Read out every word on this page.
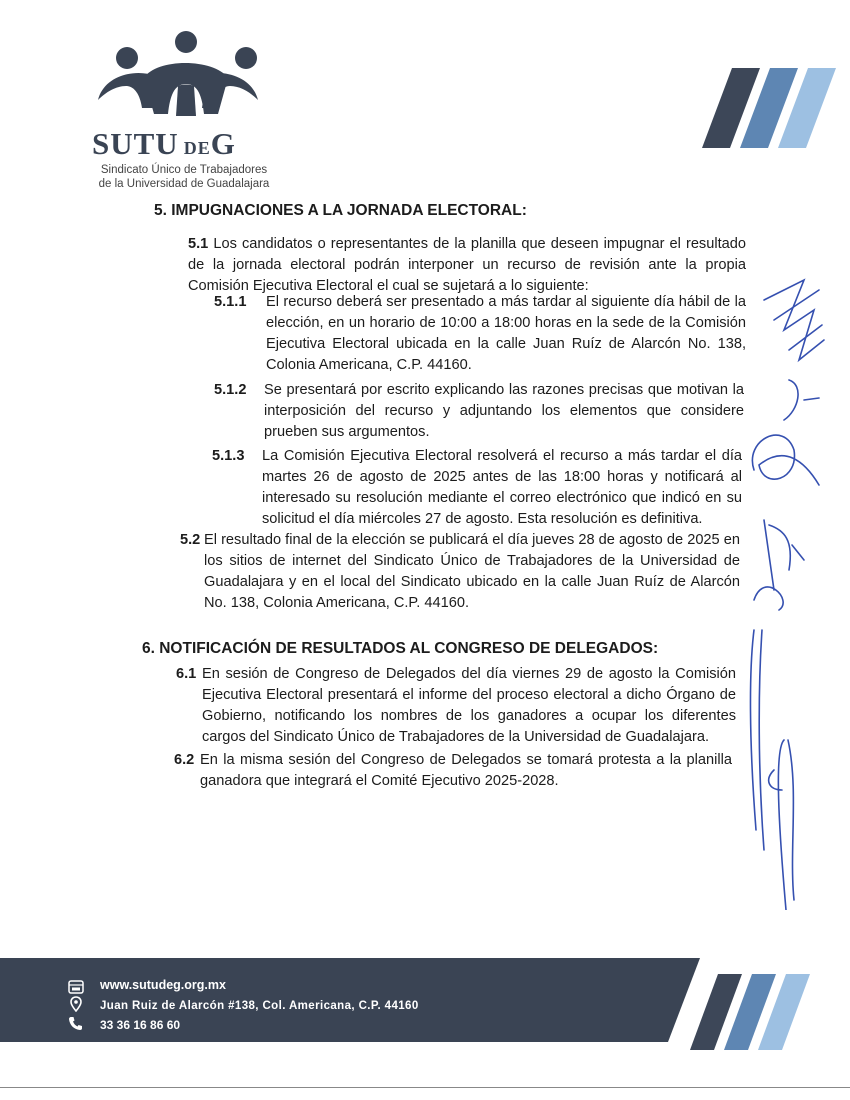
SUTU DEG
Sindicato Único de Trabajadores
de la Universidad de Guadalajara
5. IMPUGNACIONES A LA JORNADA ELECTORAL:
5.1 Los candidatos o representantes de la planilla que deseen impugnar el resultado de la jornada electoral podrán interponer un recurso de revisión ante la propia Comisión Ejecutiva Electoral el cual se sujetará a lo siguiente:
5.1.1 El recurso deberá ser presentado a más tardar al siguiente día hábil de la elección, en un horario de 10:00 a 18:00 horas en la sede de la Comisión Ejecutiva Electoral ubicada en la calle Juan Ruíz de Alarcón No. 138, Colonia Americana, C.P. 44160.
5.1.2 Se presentará por escrito explicando las razones precisas que motivan la interposición del recurso y adjuntando los elementos que considere prueben sus argumentos.
5.1.3 La Comisión Ejecutiva Electoral resolverá el recurso a más tardar el día martes 26 de agosto de 2025 antes de las 18:00 horas y notificará al interesado su resolución mediante el correo electrónico que indicó en su solicitud el día miércoles 27 de agosto. Esta resolución es definitiva.
5.2 El resultado final de la elección se publicará el día jueves 28 de agosto de 2025 en los sitios de internet del Sindicato Único de Trabajadores de la Universidad de Guadalajara y en el local del Sindicato ubicado en la calle Juan Ruíz de Alarcón No. 138, Colonia Americana, C.P. 44160.
6. NOTIFICACIÓN DE RESULTADOS AL CONGRESO DE DELEGADOS:
6.1 En sesión de Congreso de Delegados del día viernes 29 de agosto la Comisión Ejecutiva Electoral presentará el informe del proceso electoral a dicho Órgano de Gobierno, notificando los nombres de los ganadores a ocupar los diferentes cargos del Sindicato Único de Trabajadores de la Universidad de Guadalajara.
6.2 En la misma sesión del Congreso de Delegados se tomará protesta a la planilla ganadora que integrará el Comité Ejecutivo 2025-2028.
www.sutudeg.org.mx
Juan Ruiz de Alarcón #138, Col. Americana, C.P. 44160
33 36 16 86 60
